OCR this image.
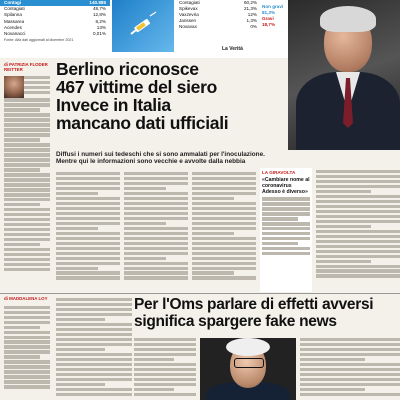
Contagi	140.885
Contagiati	48,7%
Spilanna	12,8%
Massarea	8,2%
Acendes	13%
Novanacci	0,01%
Fonte: Aifa dati aggiornati al dicembre 2021
Contagiati	60,2%
Spikevax	21,3%
Vaxzevria	12%
Janssen	1,3%
Novavax	0%
Non gravi 81,3%
Gravi 18,7%
La Verità
di PATRIZIA FLODER REITTER	Berlino riconosce
467 vittime del siero
Invece in Italia
mancano dati ufficiali
Diffusi i numeri sui tedeschi che si sono ammalati per l'inoculazione. Mentre qui le informazioni sono vecchie e avvolte dalla nebbia
LA GIRAVOLTA
«Cambiare nome al coronavirus Adesso è diverso»
di MADDALENA LOY	Per l'Oms parlare di effetti avversi
significa spargere fake news
